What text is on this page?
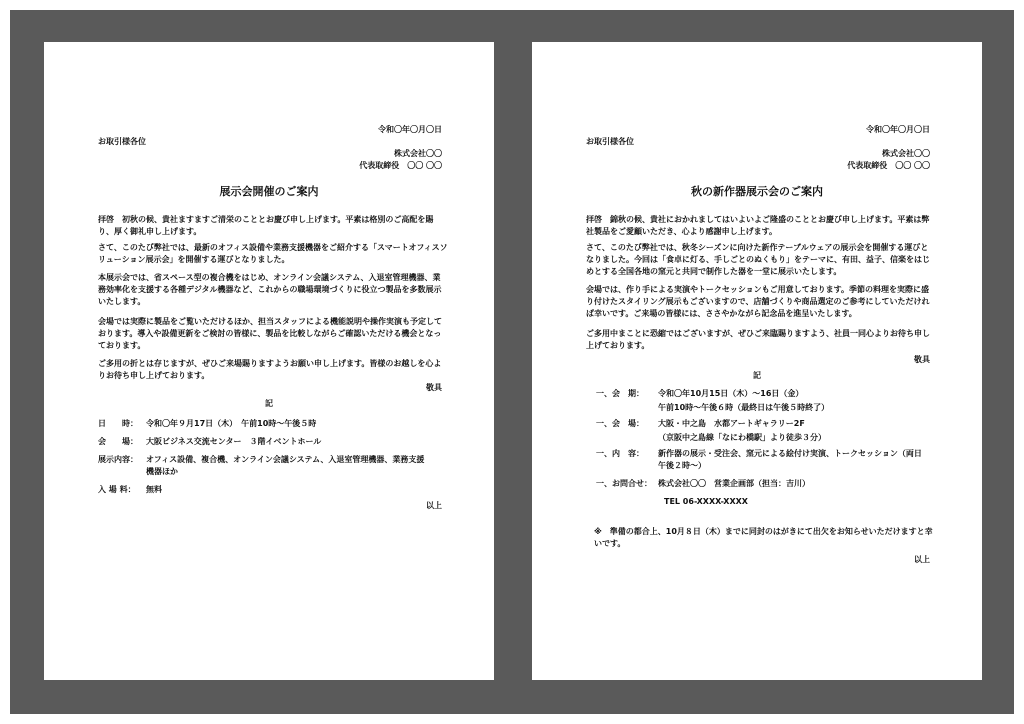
令和〇年〇月〇日
お取引様各位
株式会社〇〇
代表取締役　〇〇 〇〇
展示会開催のご案内
拝啓　初秋の候、貴社ますますご清栄のこととお慶び申し上げます。平素は格別のご高配を賜り、厚く御礼申し上げます。
さて、このたび弊社では、最新のオフィス設備や業務支援機器をご紹介する「スマートオフィスソリューション展示会」を開催する運びとなりました。
本展示会では、省スペース型の複合機をはじめ、オンライン会議システム、入退室管理機器、業務効率化を支援する各種デジタル機器など、これからの職場環境づくりに役立つ製品を多数展示いたします。
会場では実際に製品をご覧いただけるほか、担当スタッフによる機能説明や操作実演も予定しております。導入や設備更新をご検討の皆様に、製品を比較しながらご確認いただける機会となっております。
ご多用の折とは存じますが、ぜひご来場賜りますようお願い申し上げます。皆様のお越しを心よりお待ち申し上げております。
敬具
記
日　　時： 令和〇年９月17日（木）　午前10時〜午後５時
会　　場： 大阪ビジネス交流センター　３階イベントホール
展示内容： オフィス設備、複合機、オンライン会議システム、入退室管理機器、業務支援
機器ほか
入 場 料： 無料
以上
令和〇年〇月〇日
お取引様各位
株式会社〇〇
代表取締役　〇〇 〇〇
秋の新作器展示会のご案内
拝啓　錦秋の候、貴社におかれましてはいよいよご隆盛のこととお慶び申し上げます。平素は弊社製品をご愛顧いただき、心より感謝申し上げます。
さて、このたび弊社では、秋冬シーズンに向けた新作テーブルウェアの展示会を開催する運びとなりました。今回は「食卓に灯る、手しごとのぬくもり」をテーマに、有田、益子、信楽をはじめとする全国各地の窯元と共同で制作した器を一堂に展示いたします。
会場では、作り手による実演やトークセッションもご用意しております。季節の料理を実際に盛り付けたスタイリング展示もございますので、店舗づくりや商品選定のご参考にしていただければ幸いです。ご来場の皆様には、ささやかながら記念品を進呈いたします。
ご多用中まことに恐縮ではございますが、ぜひご来臨賜りますよう、社員一同心よりお待ち申し上げております。
敬具
記
一、会　期： 令和〇年10月15日（木）〜16日（金）
午前10時〜午後６時（最終日は午後５時終了）
一、会　場： 大阪・中之島　水都アートギャラリー2F
（京阪中之島線「なにわ橋駅」より徒歩３分）
一、内　容： 新作器の展示・受注会、窯元による絵付け実演、トークセッション（両日
午後２時〜）
一、お問合せ： 株式会社〇〇　営業企画部（担当：吉川）
TEL 06-XXXX-XXXX
※　準備の都合上、10月８日（木）までに同封のはがきにて出欠をお知らせいただけますと幸いです。
以上
